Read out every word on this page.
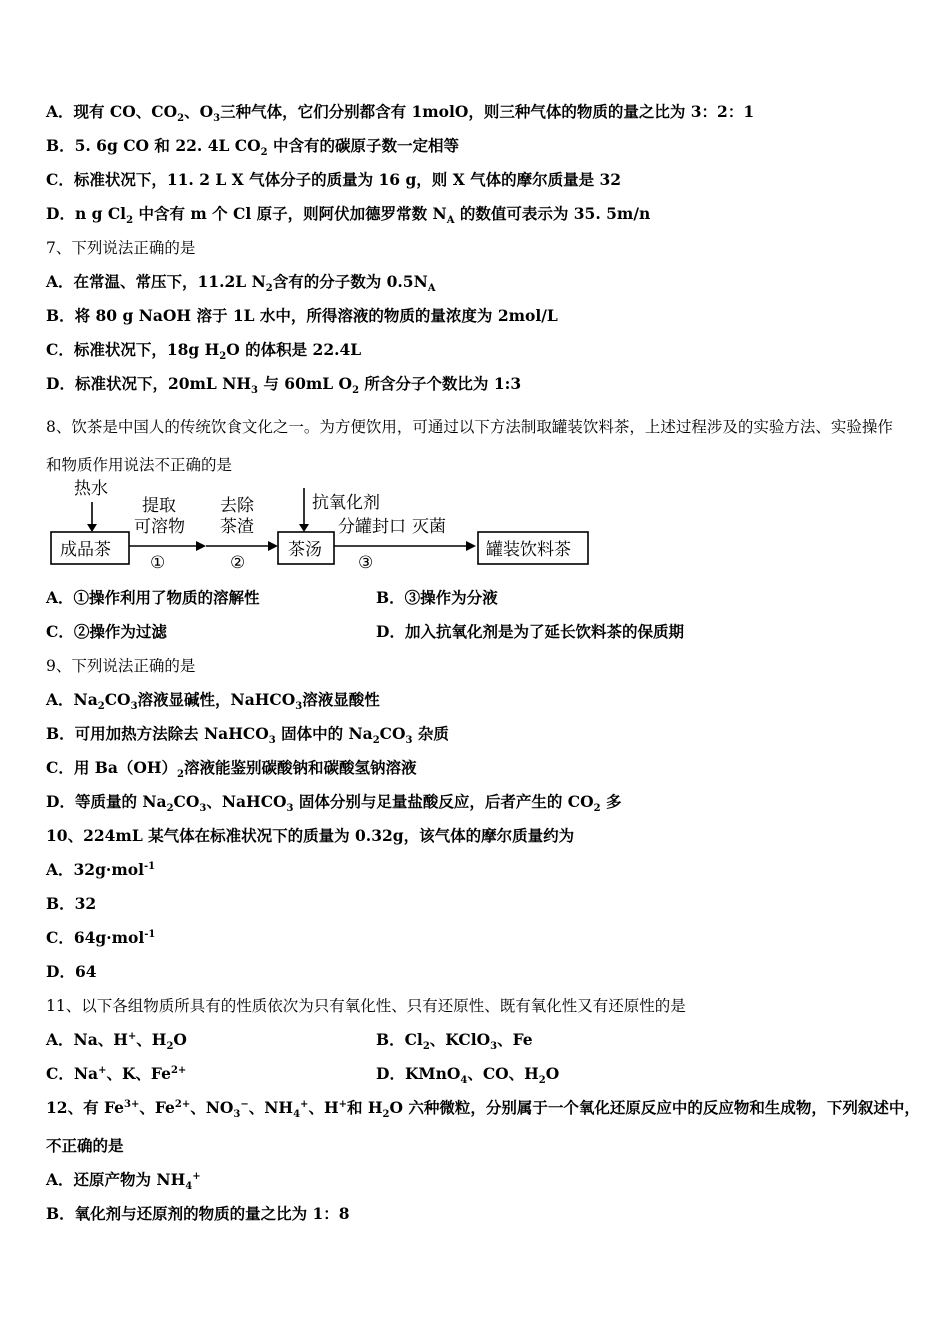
A．现有 CO、$CO_2$、$O_3$三种气体，它们分别都含有 1molO，则三种气体的物质的量之比为 3：2：1
B．5. 6g CO 和 22. 4L $CO_2$ 中含有的碳原子数一定相等
C．标准状况下，11. 2 L X 气体分子的质量为 16 g，则 X 气体的摩尔质量是 32
D．n g $Cl_2$ 中含有 m 个 Cl 原子，则阿伏加德罗常数 $N_A$ 的数值可表示为 35. 5m/n
7、下列说法正确的是
A．在常温、常压下，11.2L $N_2$含有的分子数为 $0.5N_A$
B．将 80 g NaOH 溶于 1L 水中，所得溶液的物质的量浓度为 2mol/L
C．标准状况下，18g $H_2O$ 的体积是 22.4L
D．标准状况下，20mL $NH_3$ 与 60mL $O_2$ 所含分子个数比为 1:3
8、饮茶是中国人的传统饮食文化之一。为方便饮用，可通过以下方法制取罐装饮料茶，上述过程涉及的实验方法、实验操作和物质作用说法不正确的是
热水
成品茶
提取
可溶物
①
去除
茶渣
②
茶汤
抗氧化剂
分罐封口 灭菌
③
罐装饮料茶
A．①操作利用了物质的溶解性	B．③操作为分液
C．②操作为过滤	D．加入抗氧化剂是为了延长饮料茶的保质期
9、下列说法正确的是
A．$Na_2CO_3$溶液显碱性，NaHCO$_3$溶液显酸性
B．可用加热方法除去 NaHCO$_3$ 固体中的 $Na_2CO_3$ 杂质
C．用 $Ba(OH)_2$溶液能鉴别碳酸钠和碳酸氢钠溶液
D．等质量的 $Na_2CO_3$、NaHCO$_3$ 固体分别与足量盐酸反应，后者产生的 $CO_2$ 多
10、224mL 某气体在标准状况下的质量为 0.32g，该气体的摩尔质量约为
A．32g·mol$^{-1}$
B．32
C．64g·mol$^{-1}$
D．64
11、以下各组物质所具有的性质依次为只有氧化性、只有还原性、既有氧化性又有还原性的是
A．Na、H+、$H_2O$	B．$Cl_2$、KClO$_3$、Fe
C．Na+、K、$Fe^{2+}$	D．KMnO$_4$、CO、$H_2O$
12、有 $Fe^{3+}$、$Fe^{2+}$、$NO_3^-$、$NH_4^+$、H+和 $H_2O$ 六种微粒，分别属于一个氧化还原反应中的反应物和生成物，下列叙述中，
不正确的是
A．还原产物为 $NH_4^+$
B．氧化剂与还原剂的物质的量之比为 1：8
